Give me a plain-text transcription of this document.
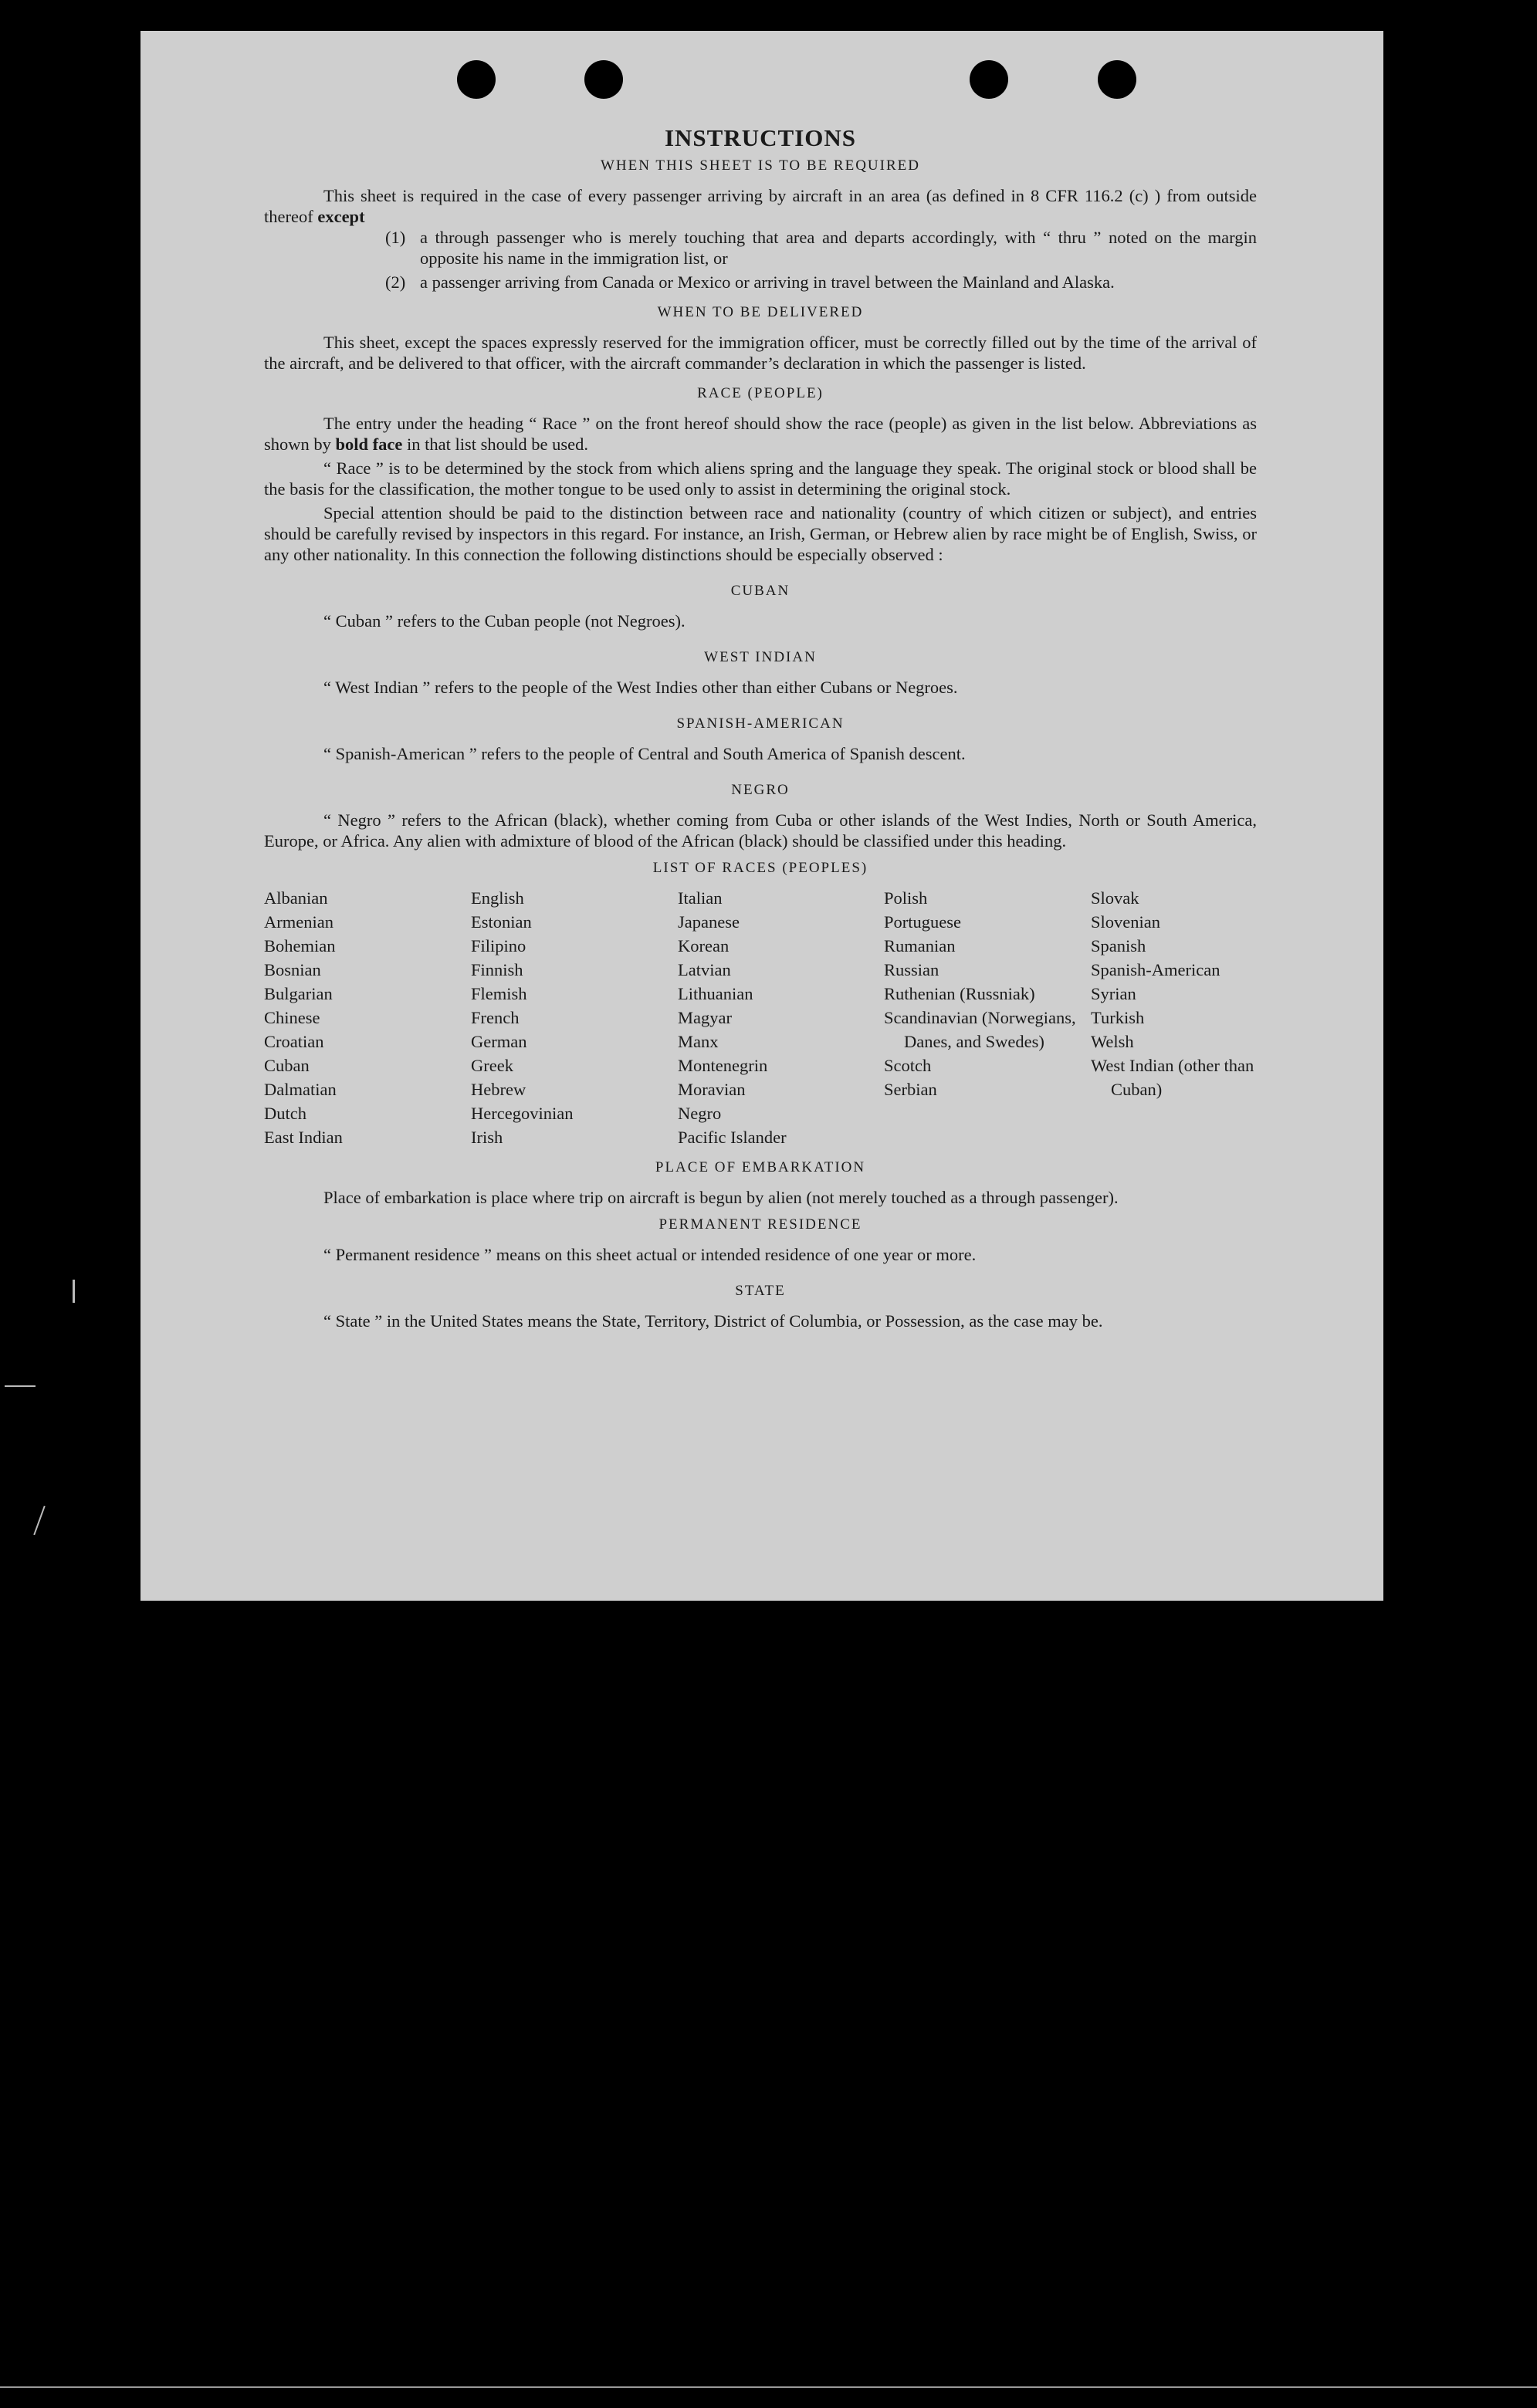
INSTRUCTIONS
WHEN THIS SHEET IS TO BE REQUIRED

This sheet is required in the case of every passenger arriving by aircraft in an area (as defined in 8 CFR 116.2 (c) ) from outside thereof except

(1) a through passenger who is merely touching that area and departs accordingly, with “ thru ” noted on the margin opposite his name in the immigration list, or
(2) a passenger arriving from Canada or Mexico or arriving in travel between the Mainland and Alaska.
WHEN TO BE DELIVERED

This sheet, except the spaces expressly reserved for the immigration officer, must be correctly filled out by the time of the arrival of the aircraft, and be delivered to that officer, with the aircraft commander’s declaration in which the passenger is listed.

RACE (PEOPLE)

The entry under the heading “ Race ” on the front hereof should show the race (people) as given in the list below. Abbreviations as shown by bold face in that list should be used.

“ Race ” is to be determined by the stock from which aliens spring and the language they speak. The original stock or blood shall be the basis for the classification, the mother tongue to be used only to assist in determining the original stock.

Special attention should be paid to the distinction between race and nationality (country of which citizen or subject), and entries should be carefully revised by inspectors in this regard. For instance, an Irish, German, or Hebrew alien by race might be of English, Swiss, or any other nationality. In this connection the following distinctions should be especially observed :

CUBAN

“ Cuban ” refers to the Cuban people (not Negroes).

WEST INDIAN

“ West Indian ” refers to the people of the West Indies other than either Cubans or Negroes.

SPANISH-AMERICAN

“ Spanish-American ” refers to the people of Central and South America of Spanish descent.

NEGRO

“ Negro ” refers to the African (black), whether coming from Cuba or other islands of the West Indies, North or South America, Europe, or Africa. Any alien with admixture of blood of the African (black) should be classified under this heading.

LIST OF RACES (PEOPLES)
Albanian
Armenian
Bohemian
Bosnian
Bulgarian
Chinese
Croatian
Cuban
Dalmatian
Dutch
East Indian
English
Estonian
Filipino
Finnish
Flemish
French
German
Greek
Hebrew
Hercegovinian
Irish
Italian
Japanese
Korean
Latvian
Lithuanian
Magyar
Manx
Montenegrin
Moravian
Negro
Pacific Islander
Polish
Portuguese
Rumanian
Russian
Ruthenian (Russniak)
Scandinavian (Norwegians, Danes, and Swedes)
Scotch
Serbian
Slovak
Slovenian
Spanish
Spanish-American
Syrian
Turkish
Welsh
West Indian (other than Cuban)
PLACE OF EMBARKATION

Place of embarkation is place where trip on aircraft is begun by alien (not merely touched as a through passenger).

PERMANENT RESIDENCE

“ Permanent residence ” means on this sheet actual or intended residence of one year or more.

STATE

“ State ” in the United States means the State, Territory, District of Columbia, or Possession, as the case may be.
